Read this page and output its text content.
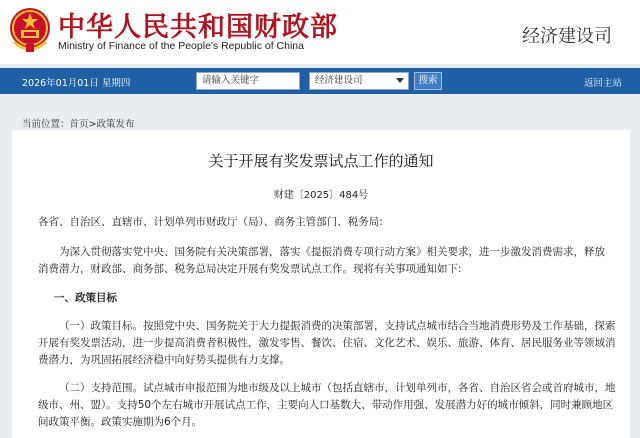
中华人民共和国财政部
Ministry of Finance of the People's Republic of China	经济建设司
2026年01月01日 星期四	请输入关键字	经济建设司	搜索	返回主站
当前位置：首页>政策发布
关于开展有奖发票试点工作的通知
财建〔2025〕484号
各省、自治区、直辖市、计划单列市财政厅（局）、商务主管部门、税务局:
为深入贯彻落实党中央、国务院有关决策部署，落实《提振消费专项行动方案》相关要求，进一步激发消费需求，释放消费潜力，财政部、商务部、税务总局决定开展有奖发票试点工作。现将有关事项通知如下:
一、政策目标
（一）政策目标。按照党中央、国务院关于大力提振消费的决策部署，支持试点城市结合当地消费形势及工作基础，探索开展有奖发票活动，进一步提高消费者积极性，激发零售、餐饮、住宿、文化艺术、娱乐、旅游、体育、居民服务业等领域消费潜力，为巩固拓展经济稳中向好势头提供有力支撑。
（二）支持范围。试点城市申报范围为地市级及以上城市（包括直辖市，计划单列市，各省、自治区省会或首府城市，地级市、州、盟）。支持50个左右城市开展试点工作，主要向人口基数大、带动作用强、发展潜力好的城市倾斜，同时兼顾地区间政策平衡。政策实施期为6个月。
